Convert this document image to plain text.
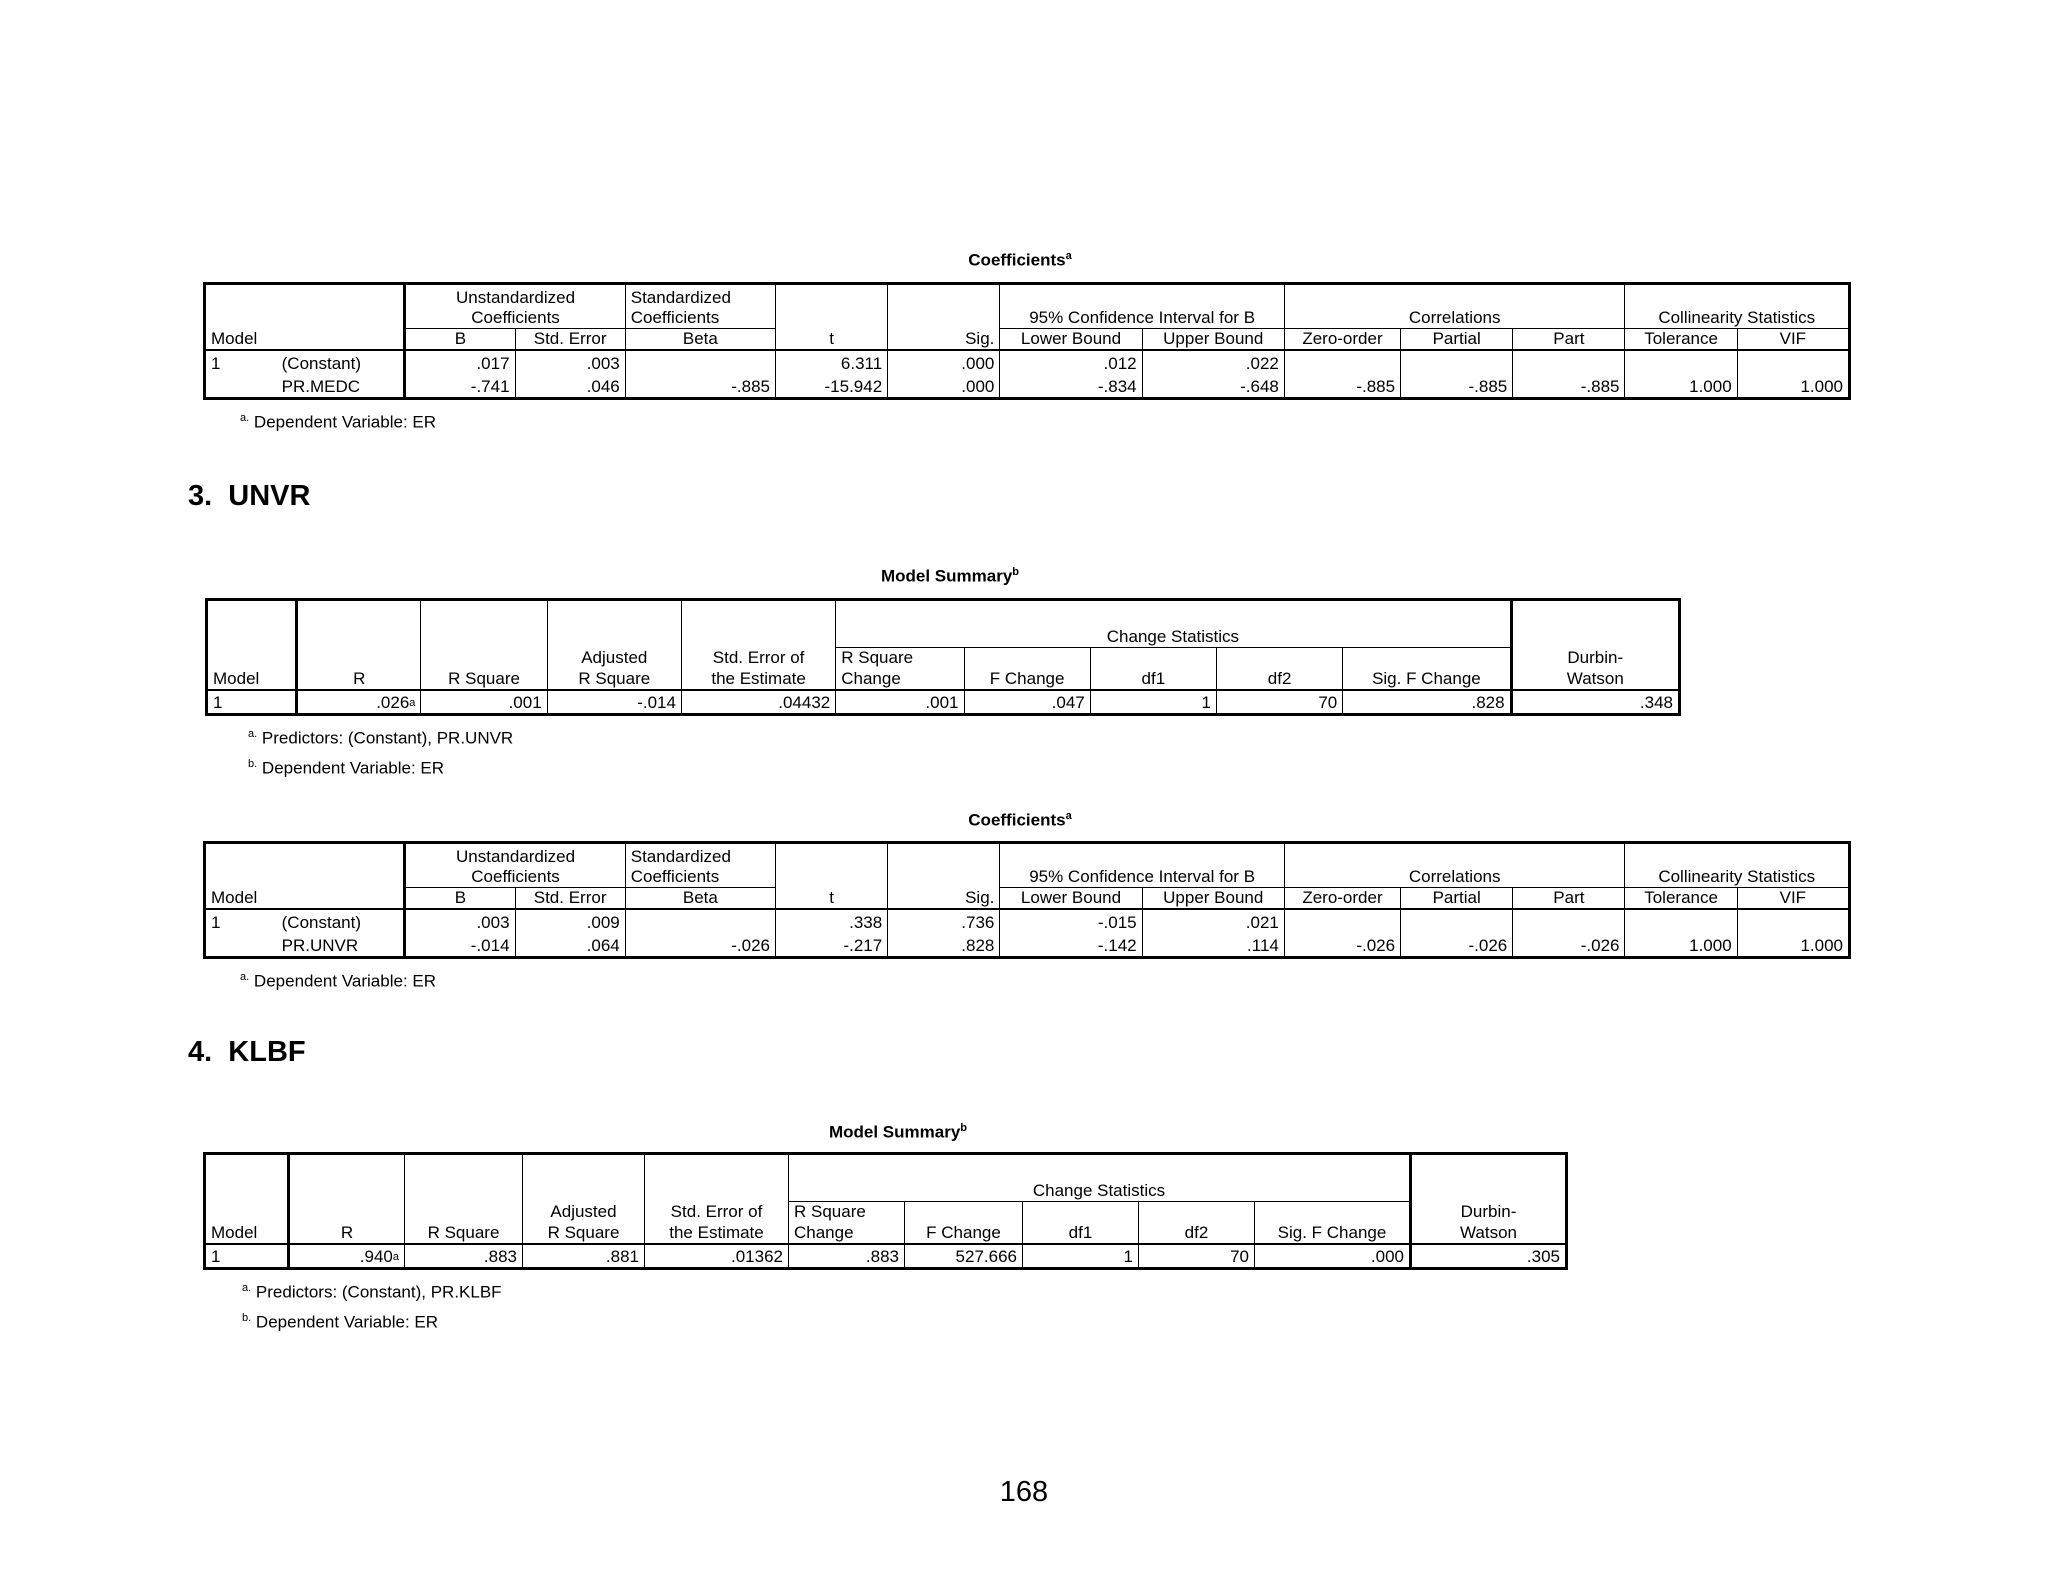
Coefficients$^a$
		Unstandardized		Standardized									
		Coefficients		Coefficients			95% Confidence Interval for B		Correlations			Collinearity Statistics	
Model		B	Std. Error	Beta	t	Sig.	Lower Bound	Upper Bound	Zero-order	Partial	Part	Tolerance	VIF
1	(Constant)	.017	.003		6.311	.000	.012	.022					
	PR.MEDC	-.741	.046	-.885	-15.942	.000	-.834	-.648	-.885	-.885	-.885	1.000	1.000
$^{a.}$ Dependent Variable: ER
3.  UNVR
Model Summary$^b$
					Change Statistics					
			Adjusted	Std. Error of	R Square					Durbin-
Model	R	R Square	R Square	the Estimate	Change	F Change	df1	df2	Sig. F Change	Watson
1	.026$^a$	.001	-.014	.04432	.001	.047	1	70	.828	.348
$^{a.}$ Predictors: (Constant), PR.UNVR
$^{b.}$ Dependent Variable: ER
Coefficients$^a$
		Unstandardized		Standardized									
		Coefficients		Coefficients			95% Confidence Interval for B		Correlations			Collinearity Statistics	
Model		B	Std. Error	Beta	t	Sig.	Lower Bound	Upper Bound	Zero-order	Partial	Part	Tolerance	VIF
1	(Constant)	.003	.009		.338	.736	-.015	.021					
	PR.UNVR	-.014	.064	-.026	-.217	.828	-.142	.114	-.026	-.026	-.026	1.000	1.000
$^{a.}$ Dependent Variable: ER
4.  KLBF
Model Summary$^b$
					Change Statistics					
			Adjusted	Std. Error of	R Square					Durbin-
Model	R	R Square	R Square	the Estimate	Change	F Change	df1	df2	Sig. F Change	Watson
1	.940$^a$	.883	.881	.01362	.883	527.666	1	70	.000	.305
$^{a.}$ Predictors: (Constant), PR.KLBF
$^{b.}$ Dependent Variable: ER
168
